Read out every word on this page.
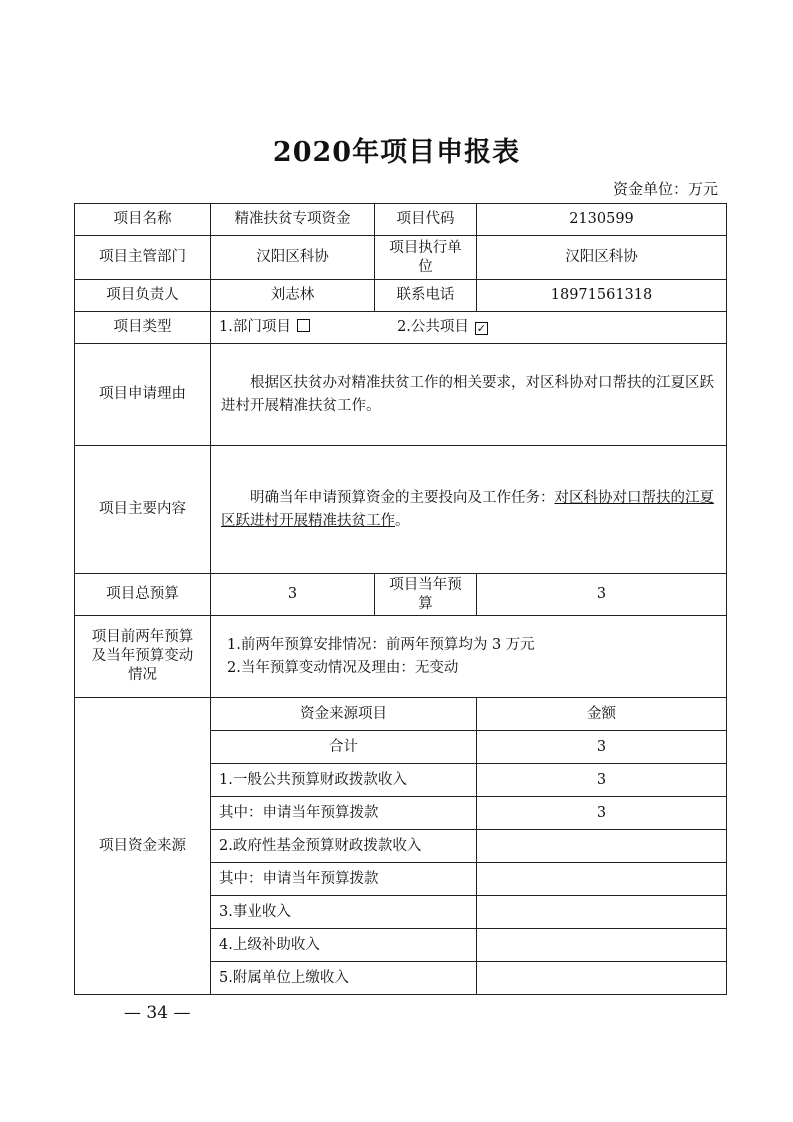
2020年项目申报表
资金单位：万元
项目名称	精准扶贫专项资金	项目代码	2130599
项目主管部门	汉阳区科协	项目执行单位	汉阳区科协
项目负责人	刘志林	联系电话	18971561318
项目类型	1.部门项目 2.公共项目 ✓		
项目申请理由	根据区扶贫办对精准扶贫工作的相关要求，对区科协对口帮扶的江夏区跃进村开展精准扶贫工作。		

项目主要内容	明确当年申请预算资金的主要投向及工作任务：对区科协对口帮扶的江夏区跃进村开展精准扶贫工作。		

项目总预算	3	项目当年预算	3
项目前两年预算及当年预算变动情况	1.前两年预算安排情况：前两年预算均为 3 万元
2.当年预算变动情况及理由：无变动		

项目资金来源	资金来源项目		金额
	合计		3
	1.一般公共预算财政拨款收入		3
	其中：申请当年预算拨款		3
	2.政府性基金预算财政拨款收入		
	其中：申请当年预算拨款		
	3.事业收入		
	4.上级补助收入		
	5.附属单位上缴收入		
— 34 —
